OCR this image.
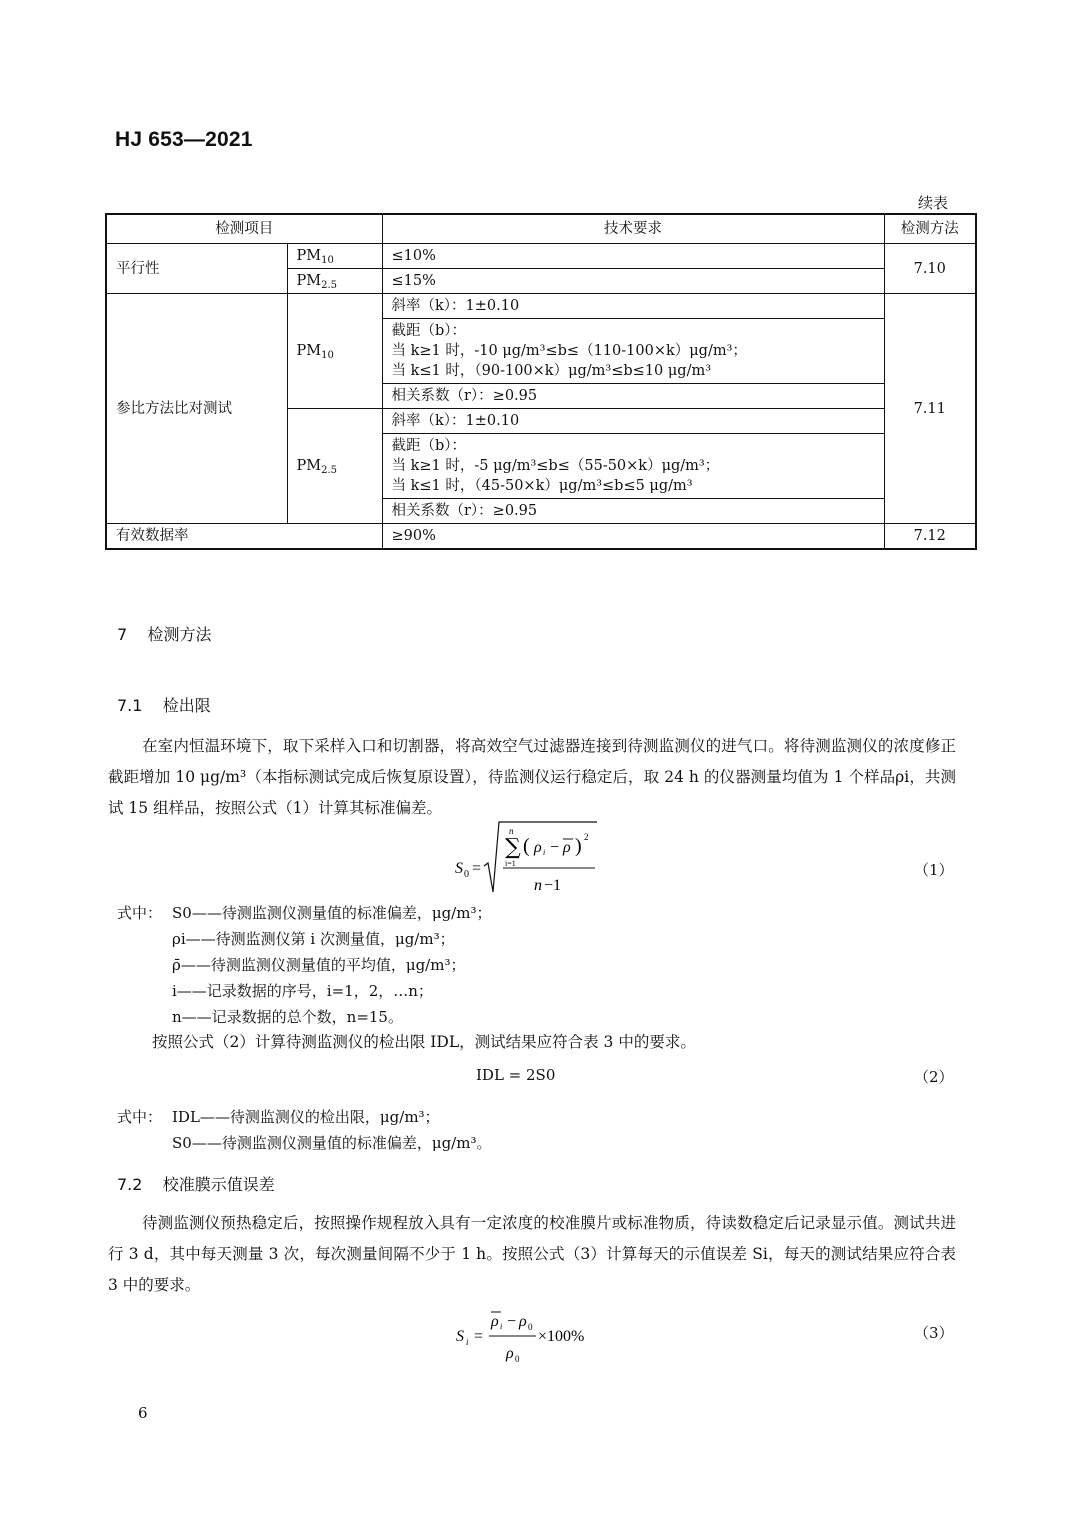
HJ 653—2021
续表
检测项目		技术要求	检测方法
平行性	$PM_{10}$	≤10%	7.10
	$PM_{2.5}$	≤15%	
参比方法比对测试	$PM_{10}$	斜率（k）：1±0.10	7.11

		截距（b）：
当 k≥1 时，-10 μg/m³≤b≤（110-100×k）μg/m³；
当 k≤1 时，（90-100×k）μg/m³≤b≤10 μg/m³	

		相关系数（r）：≥0.95	
	$PM_{2.5}$	斜率（k）：1±0.10	

		截距（b）：
当 k≥1 时，-5 μg/m³≤b≤（55-50×k）μg/m³；
当 k≤1 时，（45-50×k）μg/m³≤b≤5 μg/m³	

		相关系数（r）：≥0.95	
有效数据率		≥90%	7.12
7 检测方法
7.1 检出限
在室内恒温环境下，取下采样入口和切割器，将高效空气过滤器连接到待测监测仪的进气口。将待测监测仪的浓度修正截距增加 10 μg/m³（本指标测试完成后恢复原设置），待监测仪运行稳定后，取 24 h 的仪器测量均值为 1 个样品ρi，共测试 15 组样品，按照公式（1）计算其标准偏差。
S 0 =
n
∑
i=1
( ρ i − ρ ) 2
n −1
（1）
式中： S0——待测监测仪测量值的标准偏差，μg/m³；
ρi——待测监测仪第 i 次测量值，μg/m³；
ρ̄——待测监测仪测量值的平均值，μg/m³；
i——记录数据的序号，i=1，2，…n；
n——记录数据的总个数，n=15。
按照公式（2）计算待测监测仪的检出限 IDL，测试结果应符合表 3 中的要求。
IDL = 2S0	（2）
式中： IDL——待测监测仪的检出限，μg/m³；
S0——待测监测仪测量值的标准偏差，μg/m³。
7.2 校准膜示值误差
待测监测仪预热稳定后，按照操作规程放入具有一定浓度的校准膜片或标准物质，待读数稳定后记录显示值。测试共进行 3 d，其中每天测量 3 次，每次测量间隔不少于 1 h。按照公式（3）计算每天的示值误差 Si，每天的测试结果应符合表 3 中的要求。
S i =
ρ i − ρ 0
ρ 0
×100%	（3）
6
